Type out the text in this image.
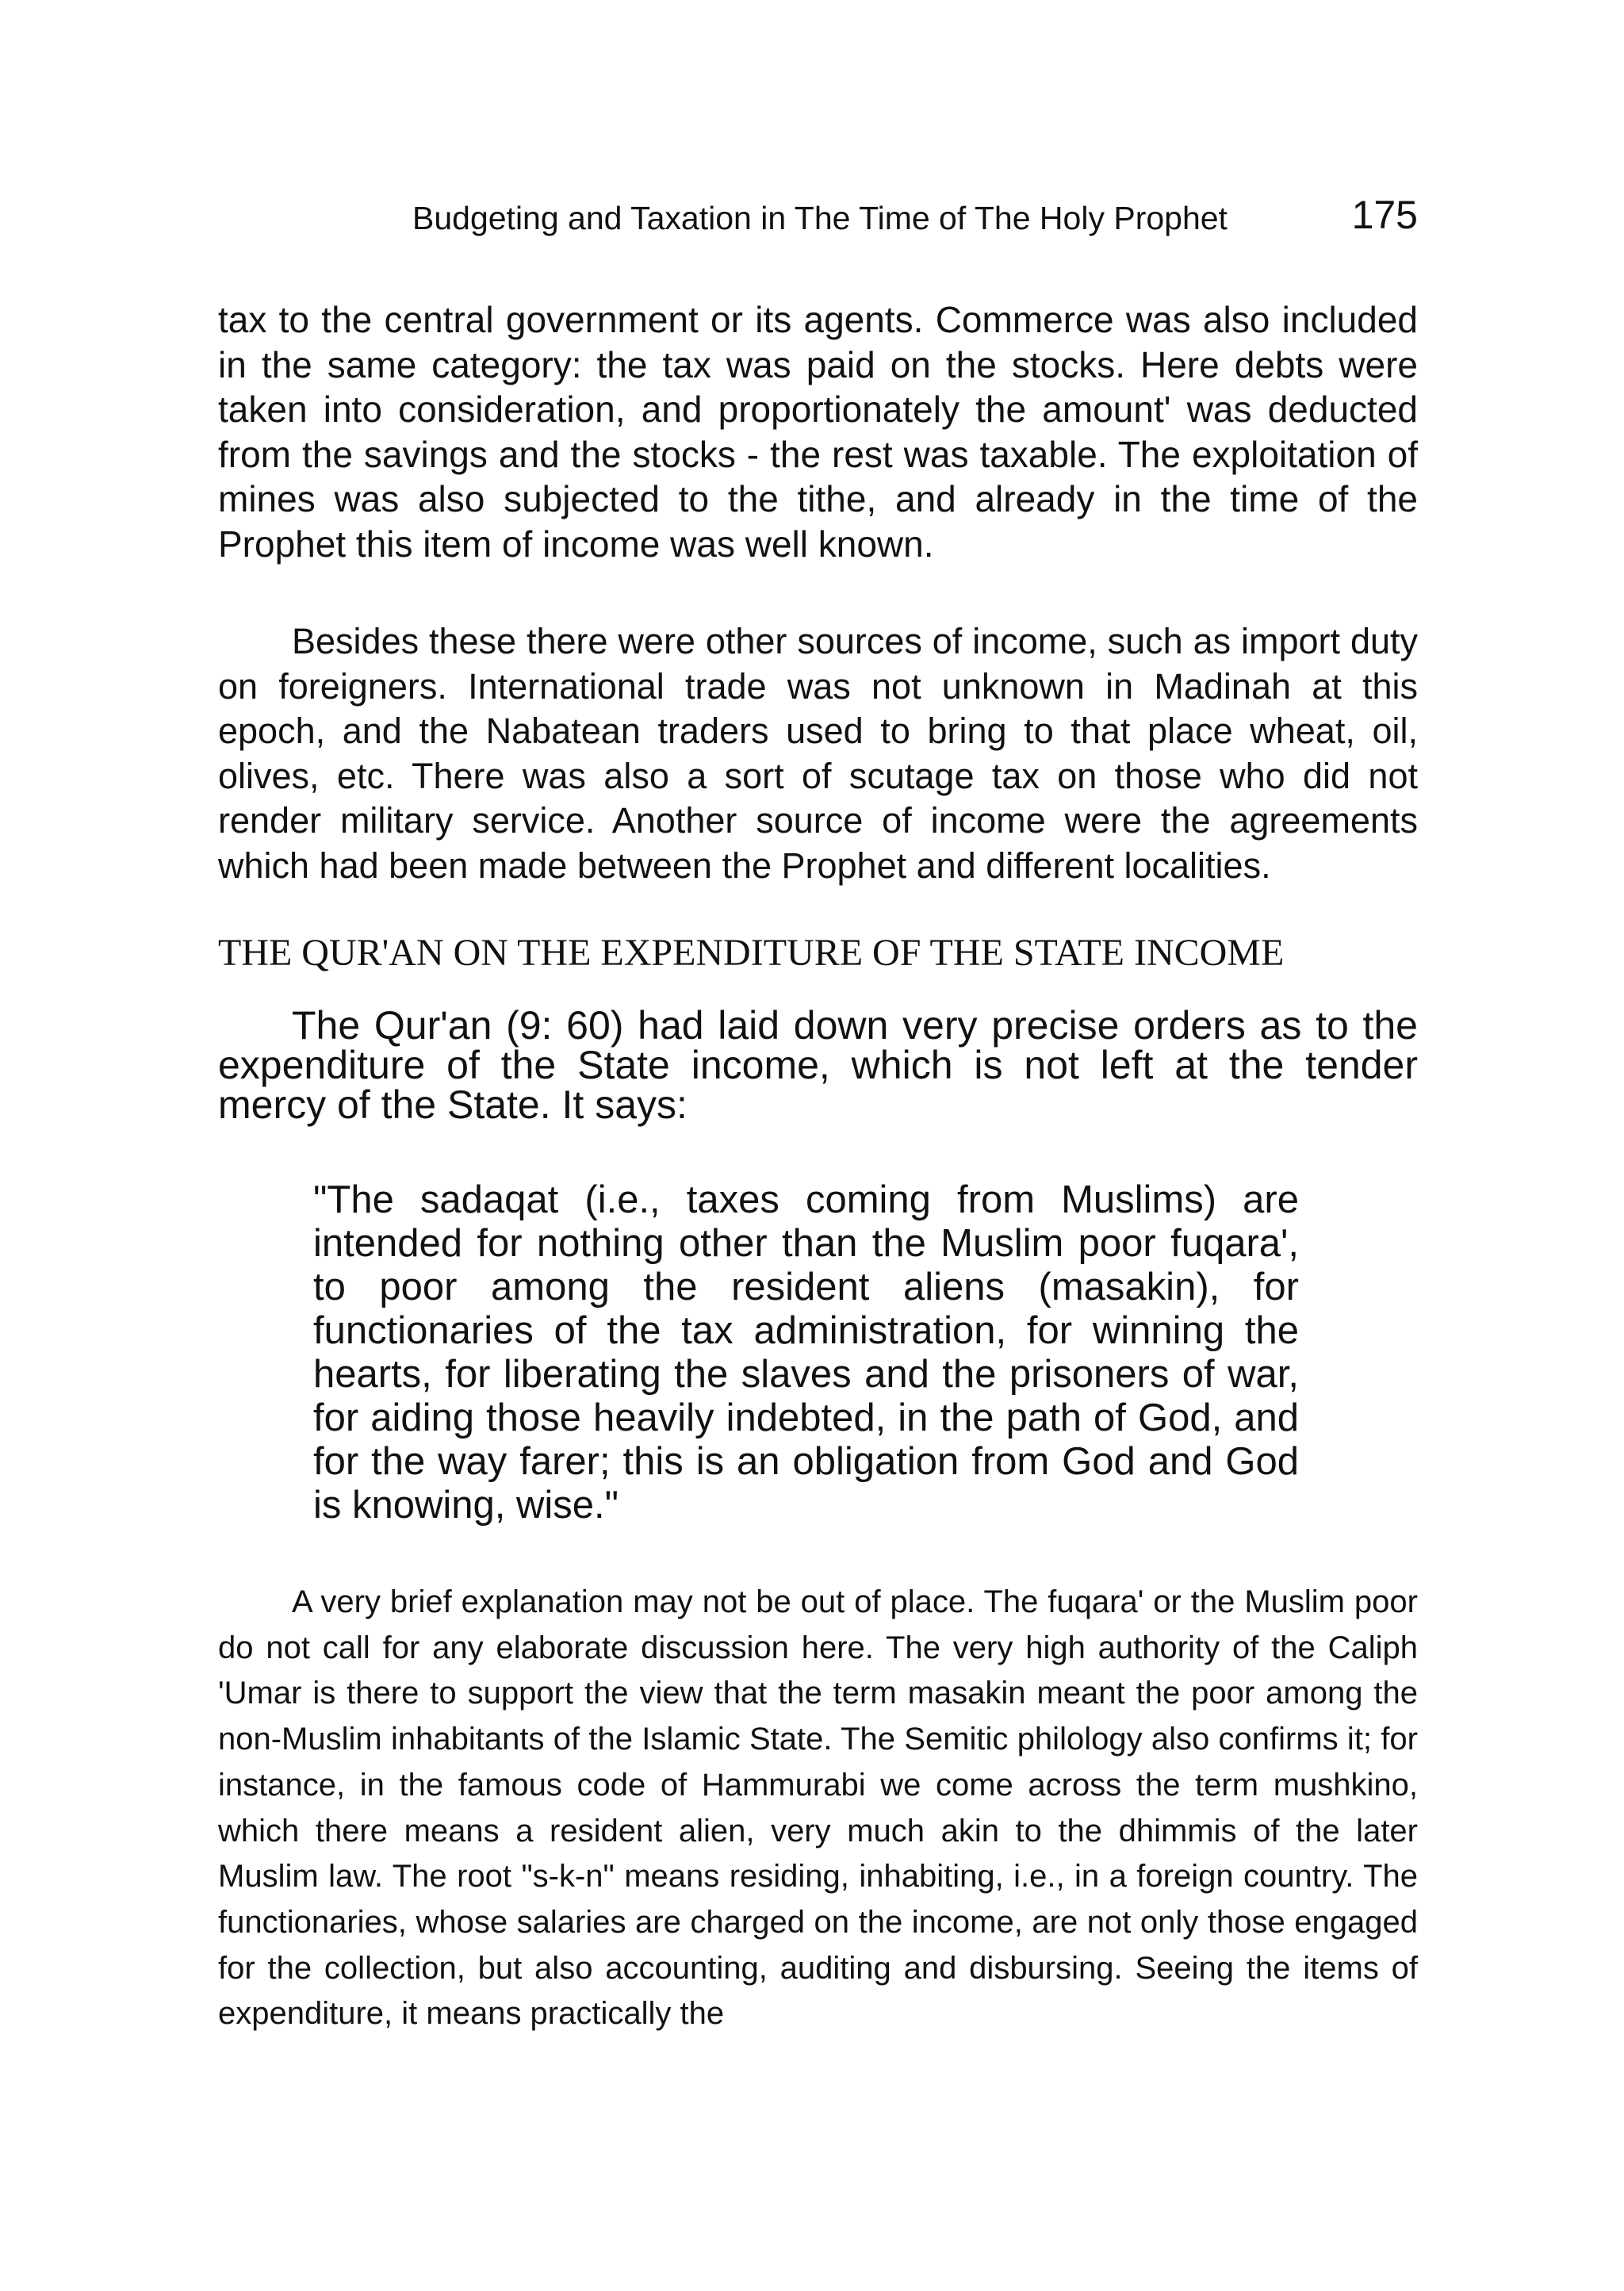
Budgeting and Taxation in The Time of The Holy Prophet	175

tax to the central government or its agents. Commerce was also included in the same category: the tax was paid on the stocks. Here debts were taken into consideration, and proportionately the amount' was deducted from the savings and the stocks - the rest was taxable. The exploitation of mines was also subjected to the tithe, and already in the time of the Prophet this item of income was well known.

Besides these there were other sources of income, such as import duty on foreigners. International trade was not unknown in Madinah at this epoch, and the Nabatean traders used to bring to that place wheat, oil, olives, etc. There was also a sort of scutage tax on those who did not render military service. Another source of income were the agreements which had been made between the Prophet and different localities.

THE QUR'AN ON THE EXPENDITURE OF THE STATE INCOME

The Qur'an (9: 60) had laid down very precise orders as to the expenditure of the State income, which is not left at the tender mercy of the State. It says:

"The sadaqat (i.e., taxes coming from Muslims) are intended for nothing other than the Muslim poor fuqara', to poor among the resident aliens (masakin), for functionaries of the tax administration, for winning the hearts, for liberating the slaves and the prisoners of war, for aiding those heavily indebted, in the path of God, and for the way farer; this is an obligation from God and God is knowing, wise."

A very brief explanation may not be out of place. The fuqara' or the Muslim poor do not call for any elaborate discussion here. The very high authority of the Caliph 'Umar is there to support the view that the term masakin meant the poor among the non-Muslim inhabitants of the Islamic State. The Semitic philology also confirms it; for instance, in the famous code of Hammurabi we come across the term mushkino, which there means a resident alien, very much akin to the dhimmis of the later Muslim law. The root "s-k-n" means residing, inhabiting, i.e., in a foreign country. The functionaries, whose salaries are charged on the income, are not only those engaged for the collection, but also accounting, auditing and disbursing. Seeing the items of expenditure, it means practically the
